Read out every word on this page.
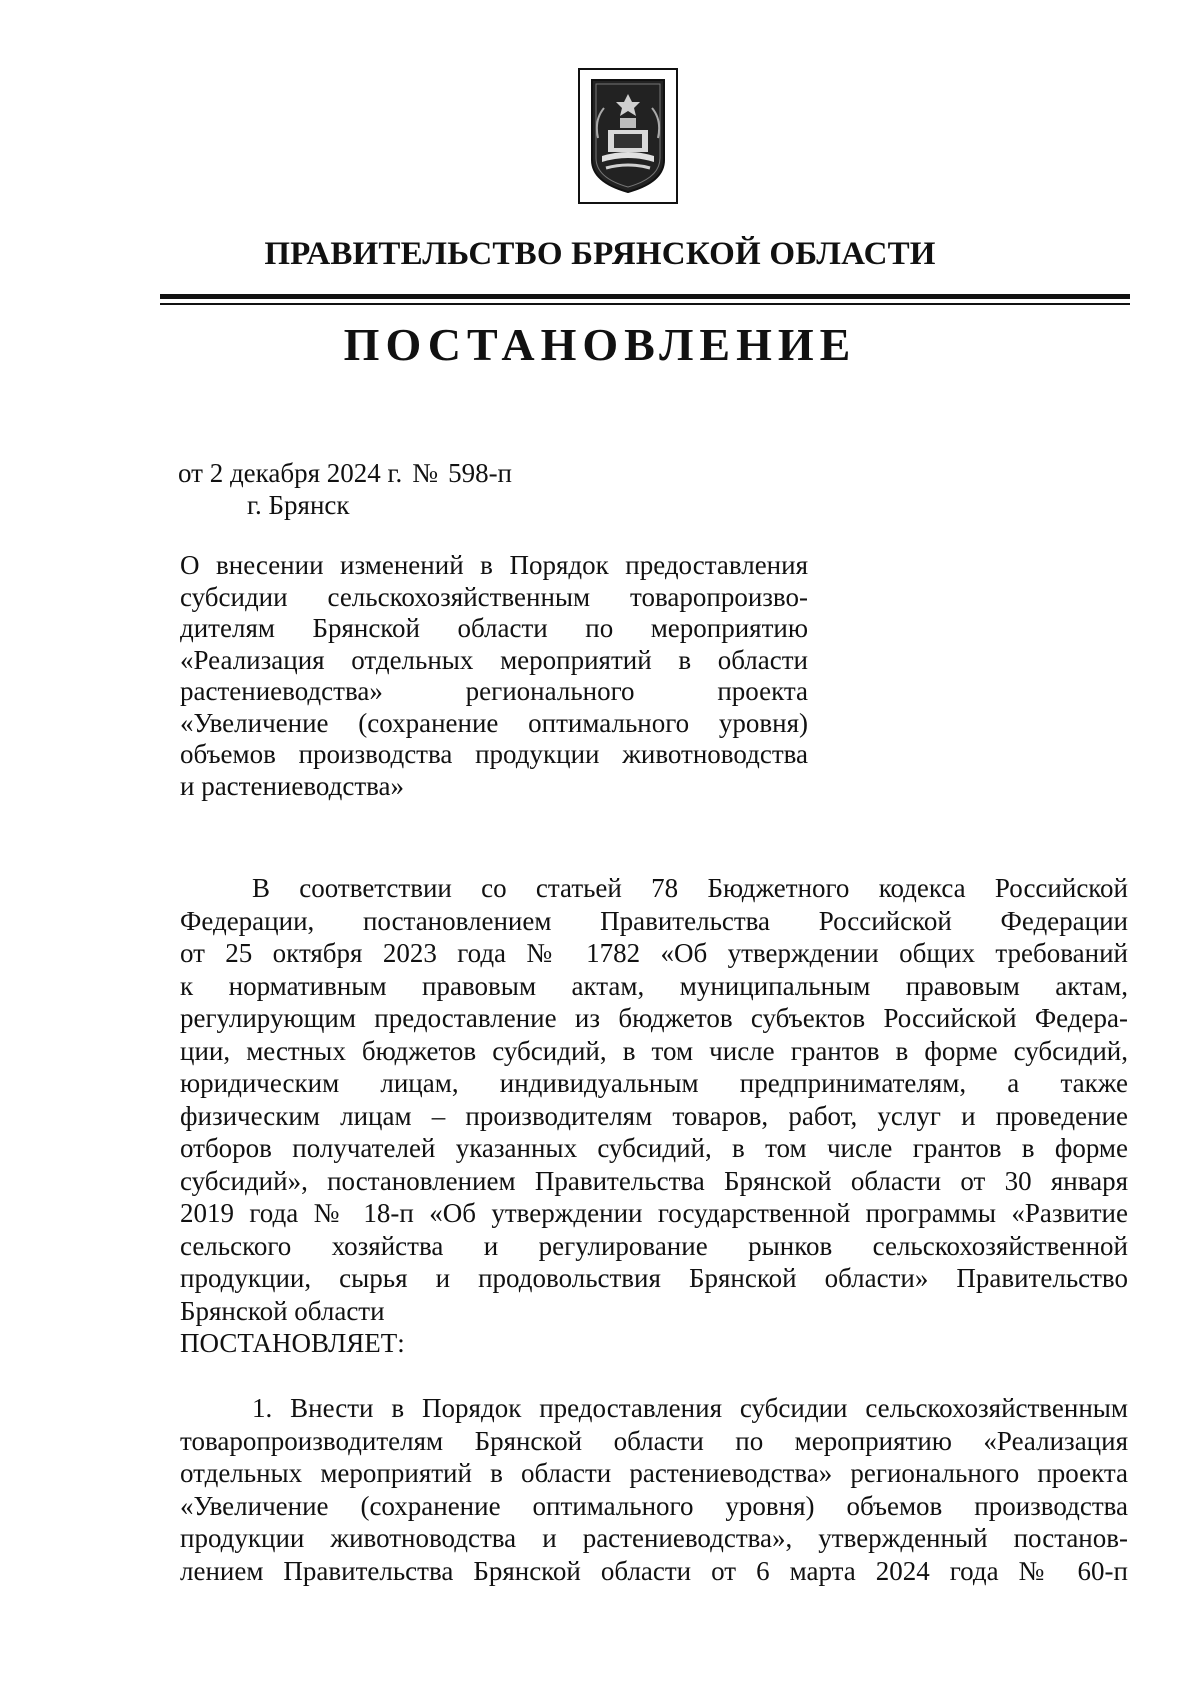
ПРАВИТЕЛЬСТВО БРЯНСКОЙ ОБЛАСТИ
ПОСТАНОВЛЕНИЕ
от 2 декабря 2024 г. № 598-п
г. Брянск
О внесении изменений в Порядок предоставления
субсидии сельскохозяйственным товаропроизво-
дителям Брянской области по мероприятию
«Реализация отдельных мероприятий в области
растениеводства» регионального проекта
«Увеличение (сохранение оптимального уровня)
объемов производства продукции животноводства
и растениеводства»
В соответствии со статьей 78 Бюджетного кодекса Российской
Федерации, постановлением Правительства Российской Федерации
от 25 октября 2023 года № 1782 «Об утверждении общих требований
к нормативным правовым актам, муниципальным правовым актам,
регулирующим предоставление из бюджетов субъектов Российской Федера-
ции, местных бюджетов субсидий, в том числе грантов в форме субсидий,
юридическим лицам, индивидуальным предпринимателям, а также
физическим лицам – производителям товаров, работ, услуг и проведение
отборов получателей указанных субсидий, в том числе грантов в форме
субсидий», постановлением Правительства Брянской области от 30 января
2019 года № 18-п «Об утверждении государственной программы «Развитие
сельского хозяйства и регулирование рынков сельскохозяйственной
продукции, сырья и продовольствия Брянской области» Правительство
Брянской области
ПОСТАНОВЛЯЕТ:
1. Внести в Порядок предоставления субсидии сельскохозяйственным
товаропроизводителям Брянской области по мероприятию «Реализация
отдельных мероприятий в области растениеводства» регионального проекта
«Увеличение (сохранение оптимального уровня) объемов производства
продукции животноводства и растениеводства», утвержденный постанов-
лением Правительства Брянской области от 6 марта 2024 года № 60-п
